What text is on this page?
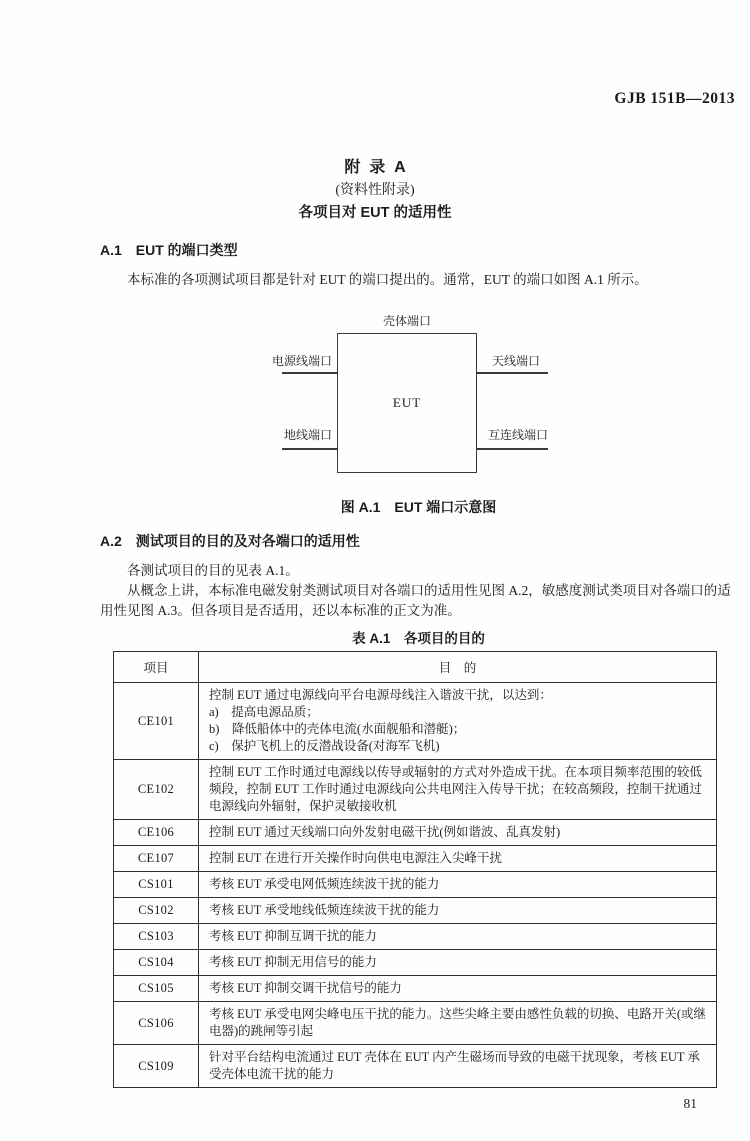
GJB 151B—2013
附  录  A
(资料性附录)
各项目对 EUT 的适用性
A.1　EUT 的端口类型
本标准的各项测试项目都是针对 EUT 的端口提出的。通常，EUT 的端口如图 A.1 所示。
壳体端口
EUT
电源线端口	天线端口
地线端口	互连线端口
图 A.1　EUT 端口示意图
A.2　测试项目的目的及对各端口的适用性
各测试项目的目的见表 A.1。
从概念上讲，本标准电磁发射类测试项目对各端口的适用性见图 A.2，敏感度测试类项目对各端口的适用性见图 A.3。但各项目是否适用，还以本标准的正文为准。
表 A.1　各项目的目的
项目	目　的
CE101	控制 EUT 通过电源线向平台电源母线注入谐波干扰，以达到：
a)　提高电源品质；
b)　降低船体中的壳体电流(水面舰船和潜艇)；
c)　保护飞机上的反潜战设备(对海军飞机)

CE102	控制 EUT 工作时通过电源线以传导或辐射的方式对外造成干扰。在本项目频率范围的较低频段，控制 EUT 工作时通过电源线向公共电网注入传导干扰；在较高频段，控制干扰通过电源线向外辐射，保护灵敏接收机

CE106	控制 EUT 通过天线端口向外发射电磁干扰(例如谐波、乱真发射)

CE107	控制 EUT 在进行开关操作时向供电电源注入尖峰干扰

CS101	考核 EUT 承受电网低频连续波干扰的能力

CS102	考核 EUT 承受地线低频连续波干扰的能力

CS103	考核 EUT 抑制互调干扰的能力

CS104	考核 EUT 抑制无用信号的能力

CS105	考核 EUT 抑制交调干扰信号的能力

CS106	考核 EUT 承受电网尖峰电压干扰的能力。这些尖峰主要由感性负载的切换、电路开关(或继电器)的跳闸等引起

CS109	针对平台结构电流通过 EUT 壳体在 EUT 内产生磁场而导致的电磁干扰现象，考核 EUT 承受壳体电流干扰的能力
81
